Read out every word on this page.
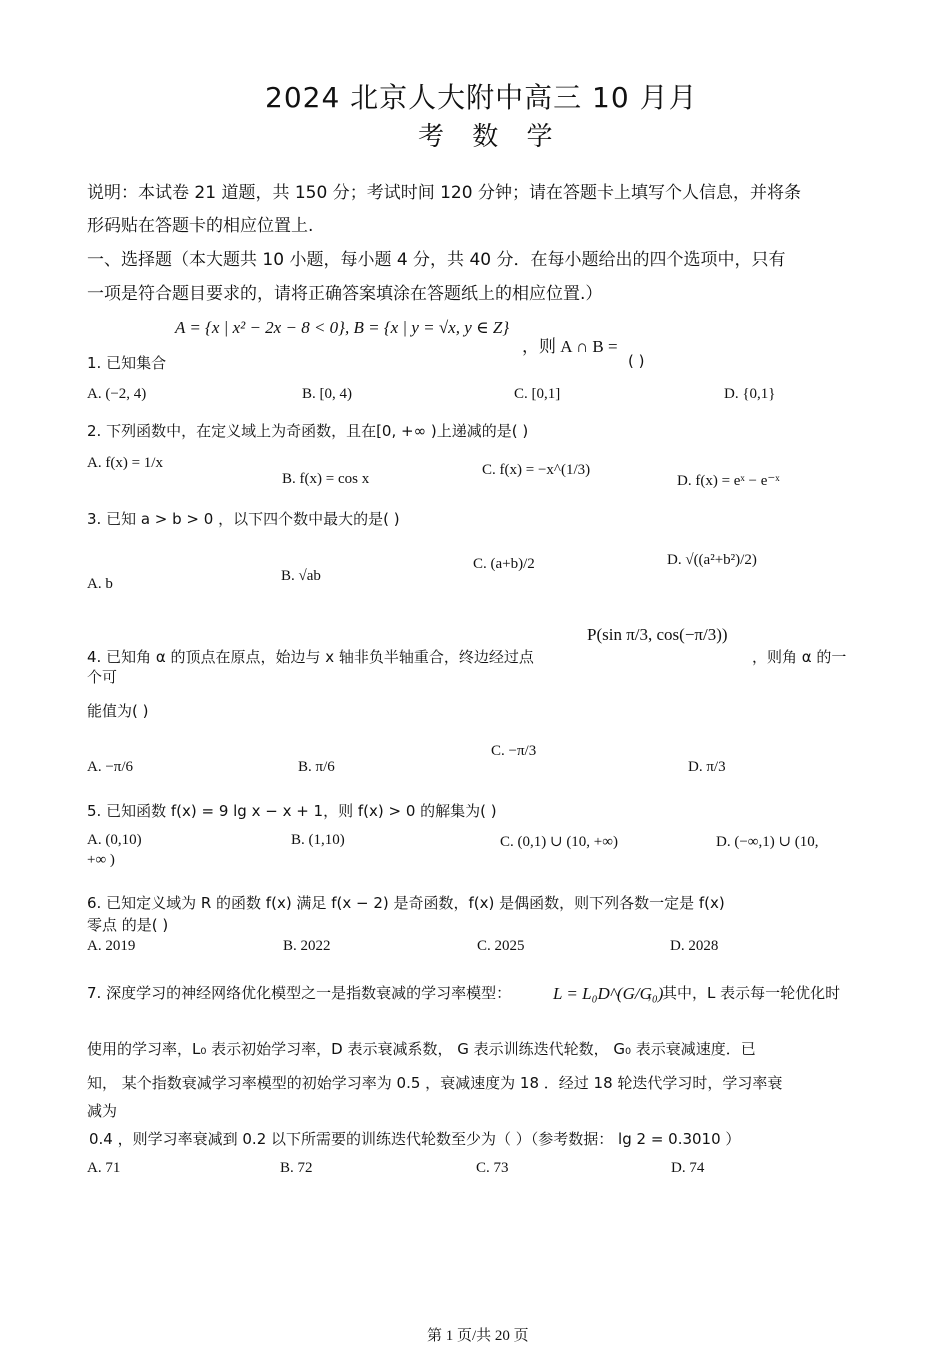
2024 北京人大附中高三 10 月月
考 数 学
说明：本试卷 21 道题，共 150 分；考试时间 120 分钟；请在答题卡上填写个人信息，并将条
形码贴在答题卡的相应位置上.
一、选择题（本大题共 10 小题，每小题 4 分，共 40 分．在每小题给出的四个选项中，只有
一项是符合题目要求的，请将正确答案填涂在答题纸上的相应位置.）
A = {x | x² − 2x − 8 < 0}, B = {x | y = √x, y ∈ Z}
，则 A ∩ B =
1. 已知集合	( )
A. (−2, 4)	B. [0, 4)	C. [0,1]	D. {0,1}
2. 下列函数中，在定义域上为奇函数，且在[0, +∞ )上递减的是( )
A. f(x) = 1/x
B. f(x) = cos x
C. f(x) = −x^(1/3)
D. f(x) = eˣ − e⁻ˣ
3. 已知 a > b > 0 ，以下四个数中最大的是( )
A. b	B. √ab
C. (a+b)/2	D. √((a²+b²)/2)
P(sin π/3, cos(−π/3))
4. 已知角 α 的顶点在原点，始边与 x 轴非负半轴重合，终边经过点	，则角 α 的一
个可
能值为( )
A. −π/6	B. π/6
C. −π/3
D. π/3
5. 已知函数 f(x) = 9 lg x − x + 1，则 f(x) > 0 的解集为( )
A. (0,10)	B. (1,10)	C. (0,1) ∪ (10, +∞)	D. (−∞,1) ∪ (10,
+∞ )
6. 已知定义域为 R 的函数 f(x) 满足 f(x − 2) 是奇函数，f(x) 是偶函数，则下列各数一定是 f(x)
零点 的是( )
A. 2019	B. 2022	C. 2025	D. 2028
7. 深度学习的神经网络优化模型之一是指数衰减的学习率模型： L = L₀D^(G/G₀)
，其中，L 表示每一轮优化时
使用的学习率，L₀ 表示初始学习率，D 表示衰减系数， G 表示训练迭代轮数， G₀ 表示衰减速度．已
知， 某个指数衰减学习率模型的初始学习率为 0.5 ，衰减速度为 18 ．经过 18 轮迭代学习时，学习率衰
减为
0.4 ，则学习率衰减到 0.2 以下所需要的训练迭代轮数至少为（ ）（参考数据： lg 2 = 0.3010 ）
A. 71	B. 72	C. 73	D. 74
第 1 页/共 20 页
